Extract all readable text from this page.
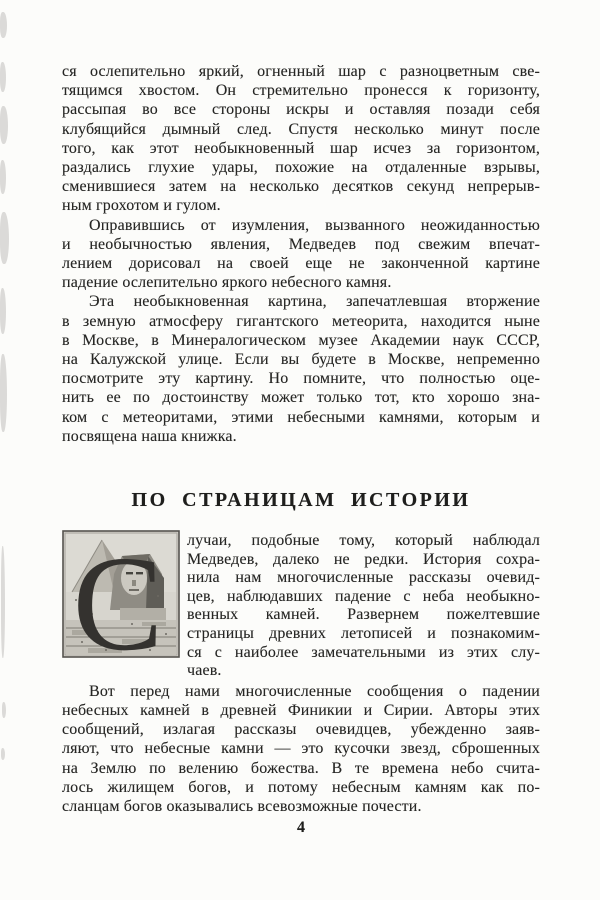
ся ослепительно яркий, огненный шар с разноцветным све-
тящимся хвостом. Он стремительно пронесся к горизонту,
рассыпая во все стороны искры и оставляя позади себя
клубящийся дымный след. Спустя несколько минут после
того, как этот необыкновенный шар исчез за горизонтом,
раздались глухие удары, похожие на отдаленные взрывы,
сменившиеся затем на несколько десятков секунд непрерыв-
ным грохотом и гулом.
Оправившись от изумления, вызванного неожиданностью
и необычностью явления, Медведев под свежим впечат-
лением дорисовал на своей еще не законченной картине
падение ослепительно яркого небесного камня.
Эта необыкновенная картина, запечатлевшая вторжение
в земную атмосферу гигантского метеорита, находится ныне
в Москве, в Минералогическом музее Академии наук СССР,
на Калужской улице. Если вы будете в Москве, непременно
посмотрите эту картину. Но помните, что полностью оце-
нить ее по достоинству может только тот, кто хорошо зна-
ком с метеоритами, этими небесными камнями, которым и
посвящена наша книжка.
ПО СТРАНИЦАМ ИСТОРИИ
С лучаи, подобные тому, который наблюдал
Медведев, далеко не редки. История сохра-
нила нам многочисленные рассказы очевид-
цев, наблюдавших падение с неба необыкно-
венных камней. Развернем пожелтевшие
страницы древних летописей и познакомим-
ся с наиболее замечательными из этих слу-
чаев.
Вот перед нами многочисленные сообщения о падении
небесных камней в древней Финикии и Сирии. Авторы этих
сообщений, излагая рассказы очевидцев, убежденно заяв-
ляют, что небесные камни — это кусочки звезд, сброшенных
на Землю по велению божества. В те времена небо счита-
лось жилищем богов, и потому небесным камням как по-
сланцам богов оказывались всевозможные почести.
4
